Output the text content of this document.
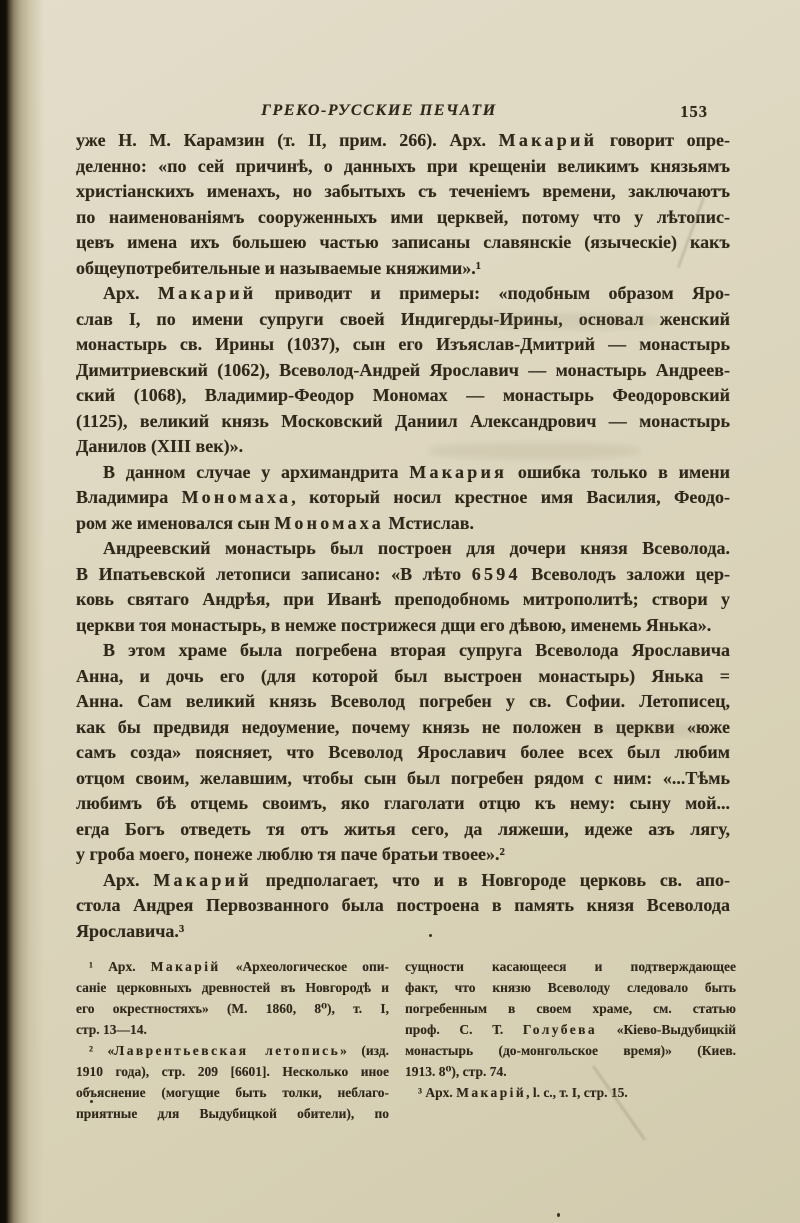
ГРЕКО-РУССКИЕ ПЕЧАТИ	153
уже Н. М. Карамзин (т. II, прим. 266). Арх. Макарий говорит опре-
деленно: «по сей причинѣ, о данныхъ при крещеніи великимъ князьямъ
христіанскихъ именахъ, но забытыхъ съ теченіемъ времени, заключаютъ
по наименованіямъ сооруженныхъ ими церквей, потому что у лѣтопис-
цевъ имена ихъ большею частью записаны славянскіе (языческіе) какъ
общеупотребительные и называемые княжими».¹
Арх. Макарий приводит и примеры: «подобным образом Яро-
слав I, по имени супруги своей Индигерды-Ирины, основал женский
монастырь св. Ирины (1037), сын его Изъяслав-Дмитрий — монастырь
Димитриевский (1062), Всеволод-Андрей Ярославич — монастырь Андреев-
ский (1068), Владимир-Феодор Мономах — монастырь Феодоровский
(1125), великий князь Московский Даниил Александрович — монастырь
Данилов (XIII век)».
В данном случае у архимандрита Макария ошибка только в имени
Владимира Мономаха, который носил крестное имя Василия, Феодо-
ром же именовался сын Мономаха Мстислав.
Андреевский монастырь был построен для дочери князя Всеволода.
В Ипатьевской летописи записано: «В лѣто 6594 Всеволодъ заложи цер-
ковь святаго Андрѣя, при Иванѣ преподобномь митрополитѣ; створи у
церкви тоя монастырь, в немже пострижеся дщи его дѣвою, именемь Янька».
В этом храме была погребена вторая супруга Всеволода Ярославича
Анна, и дочь его (для которой был выстроен монастырь) Янька =
Анна. Сам великий князь Всеволод погребен у св. Софии. Летописец,
как бы предвидя недоумение, почему князь не положен в церкви «юже
самъ созда» поясняет, что Всеволод Ярославич более всех был любим
отцом своим, желавшим, чтобы сын был погребен рядом с ним: «...Тѣмь
любимъ бѣ отцемь своимъ, яко глаголати отцю къ нему: сыну мой...
егда Богъ отведеть тя отъ житья сего, да ляжеши, идеже азъ лягу,
у гроба моего, понеже люблю тя паче братьи твоее».²
Арх. Макарий предполагает, что и в Новгороде церковь св. апо-
стола Андрея Первозванного была построена в память князя Всеволода
Ярославича.³
¹ Арх. Макарій «Археологическое опи-
саніе церковныхъ древностей въ Новгородѣ и
его окрестностяхъ» (М. 1860, 8⁰), т. I,
стр. 13—14.
² «Лаврентьевская летопись» (изд.
1910 года), стр. 209 [6601]. Несколько иное
объяснение (могущие быть толки, неблаго-
приятные для Выдубицкой обители), по
сущности касающееся и подтверждающее
факт, что князю Всеволоду следовало быть
погребенным в своем храме, см. статью
проф. С. Т. Голубева «Кіево-Выдубицкій
монастырь (до-монгольское время)» (Киев.
1913. 8⁰), стр. 74.
³ Арх. Макарій, l. c., т. I, стр. 15.
